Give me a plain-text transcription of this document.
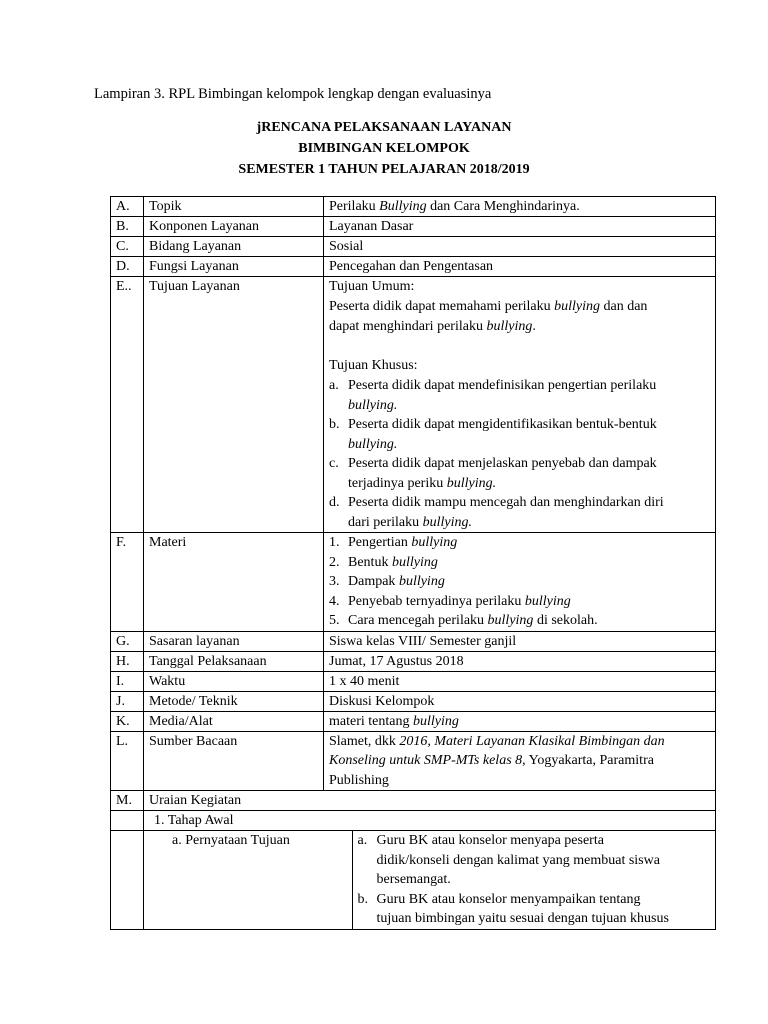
Lampiran 3. RPL Bimbingan kelompok lengkap dengan evaluasinya
jRENCANA PELAKSANAAN LAYANAN
BIMBINGAN KELOMPOK
SEMESTER 1 TAHUN PELAJARAN 2018/2019
A.	Topik	Perilaku Bullying dan Cara Menghindarinya.
B.	Konponen Layanan	Layanan Dasar
C.	Bidang Layanan	Sosial
D.	Fungsi Layanan	Pencegahan dan Pengentasan
E..	Tujuan Layanan	Tujuan Umum:
Peserta didik dapat memahami perilaku bullying dan dan
dapat menghindari perilaku bullying.
Tujuan Khusus:
a. Peserta didik dapat mendefinisikan pengertian perilaku
bullying.
b. Peserta didik dapat mengidentifikasikan bentuk-bentuk
bullying.
c. Peserta didik dapat menjelaskan penyebab dan dampak
terjadinya periku bullying.
d. Peserta didik mampu mencegah dan menghindarkan diri
dari perilaku bullying.

F.	Materi	1. Pengertian bullying
2. Bentuk bullying
3. Dampak bullying
4. Penyebab ternyadinya perilaku bullying
5. Cara mencegah perilaku bullying di sekolah.

G.	Sasaran layanan	Siswa kelas VIII/ Semester ganjil
H.	Tanggal Pelaksanaan	Jumat, 17 Agustus 2018
I.	Waktu	1 x 40 menit
J.	Metode/ Teknik	Diskusi Kelompok
K.	Media/Alat	materi tentang bullying
L.	Sumber Bacaan	Slamet, dkk 2016, Materi Layanan Klasikal Bimbingan dan
Konseling untuk SMP-MTs kelas 8, Yogyakarta, Paramitra
Publishing

M.	Uraian Kegiatan
	1. Tahap Awal

a. Pernyataan Tujuan	a. Guru BK atau konselor menyapa peserta
didik/konseli dengan kalimat yang membuat siswa
bersemangat.
b. Guru BK atau konselor menyampaikan tentang
tujuan bimbingan yaitu sesuai dengan tujuan khusus
